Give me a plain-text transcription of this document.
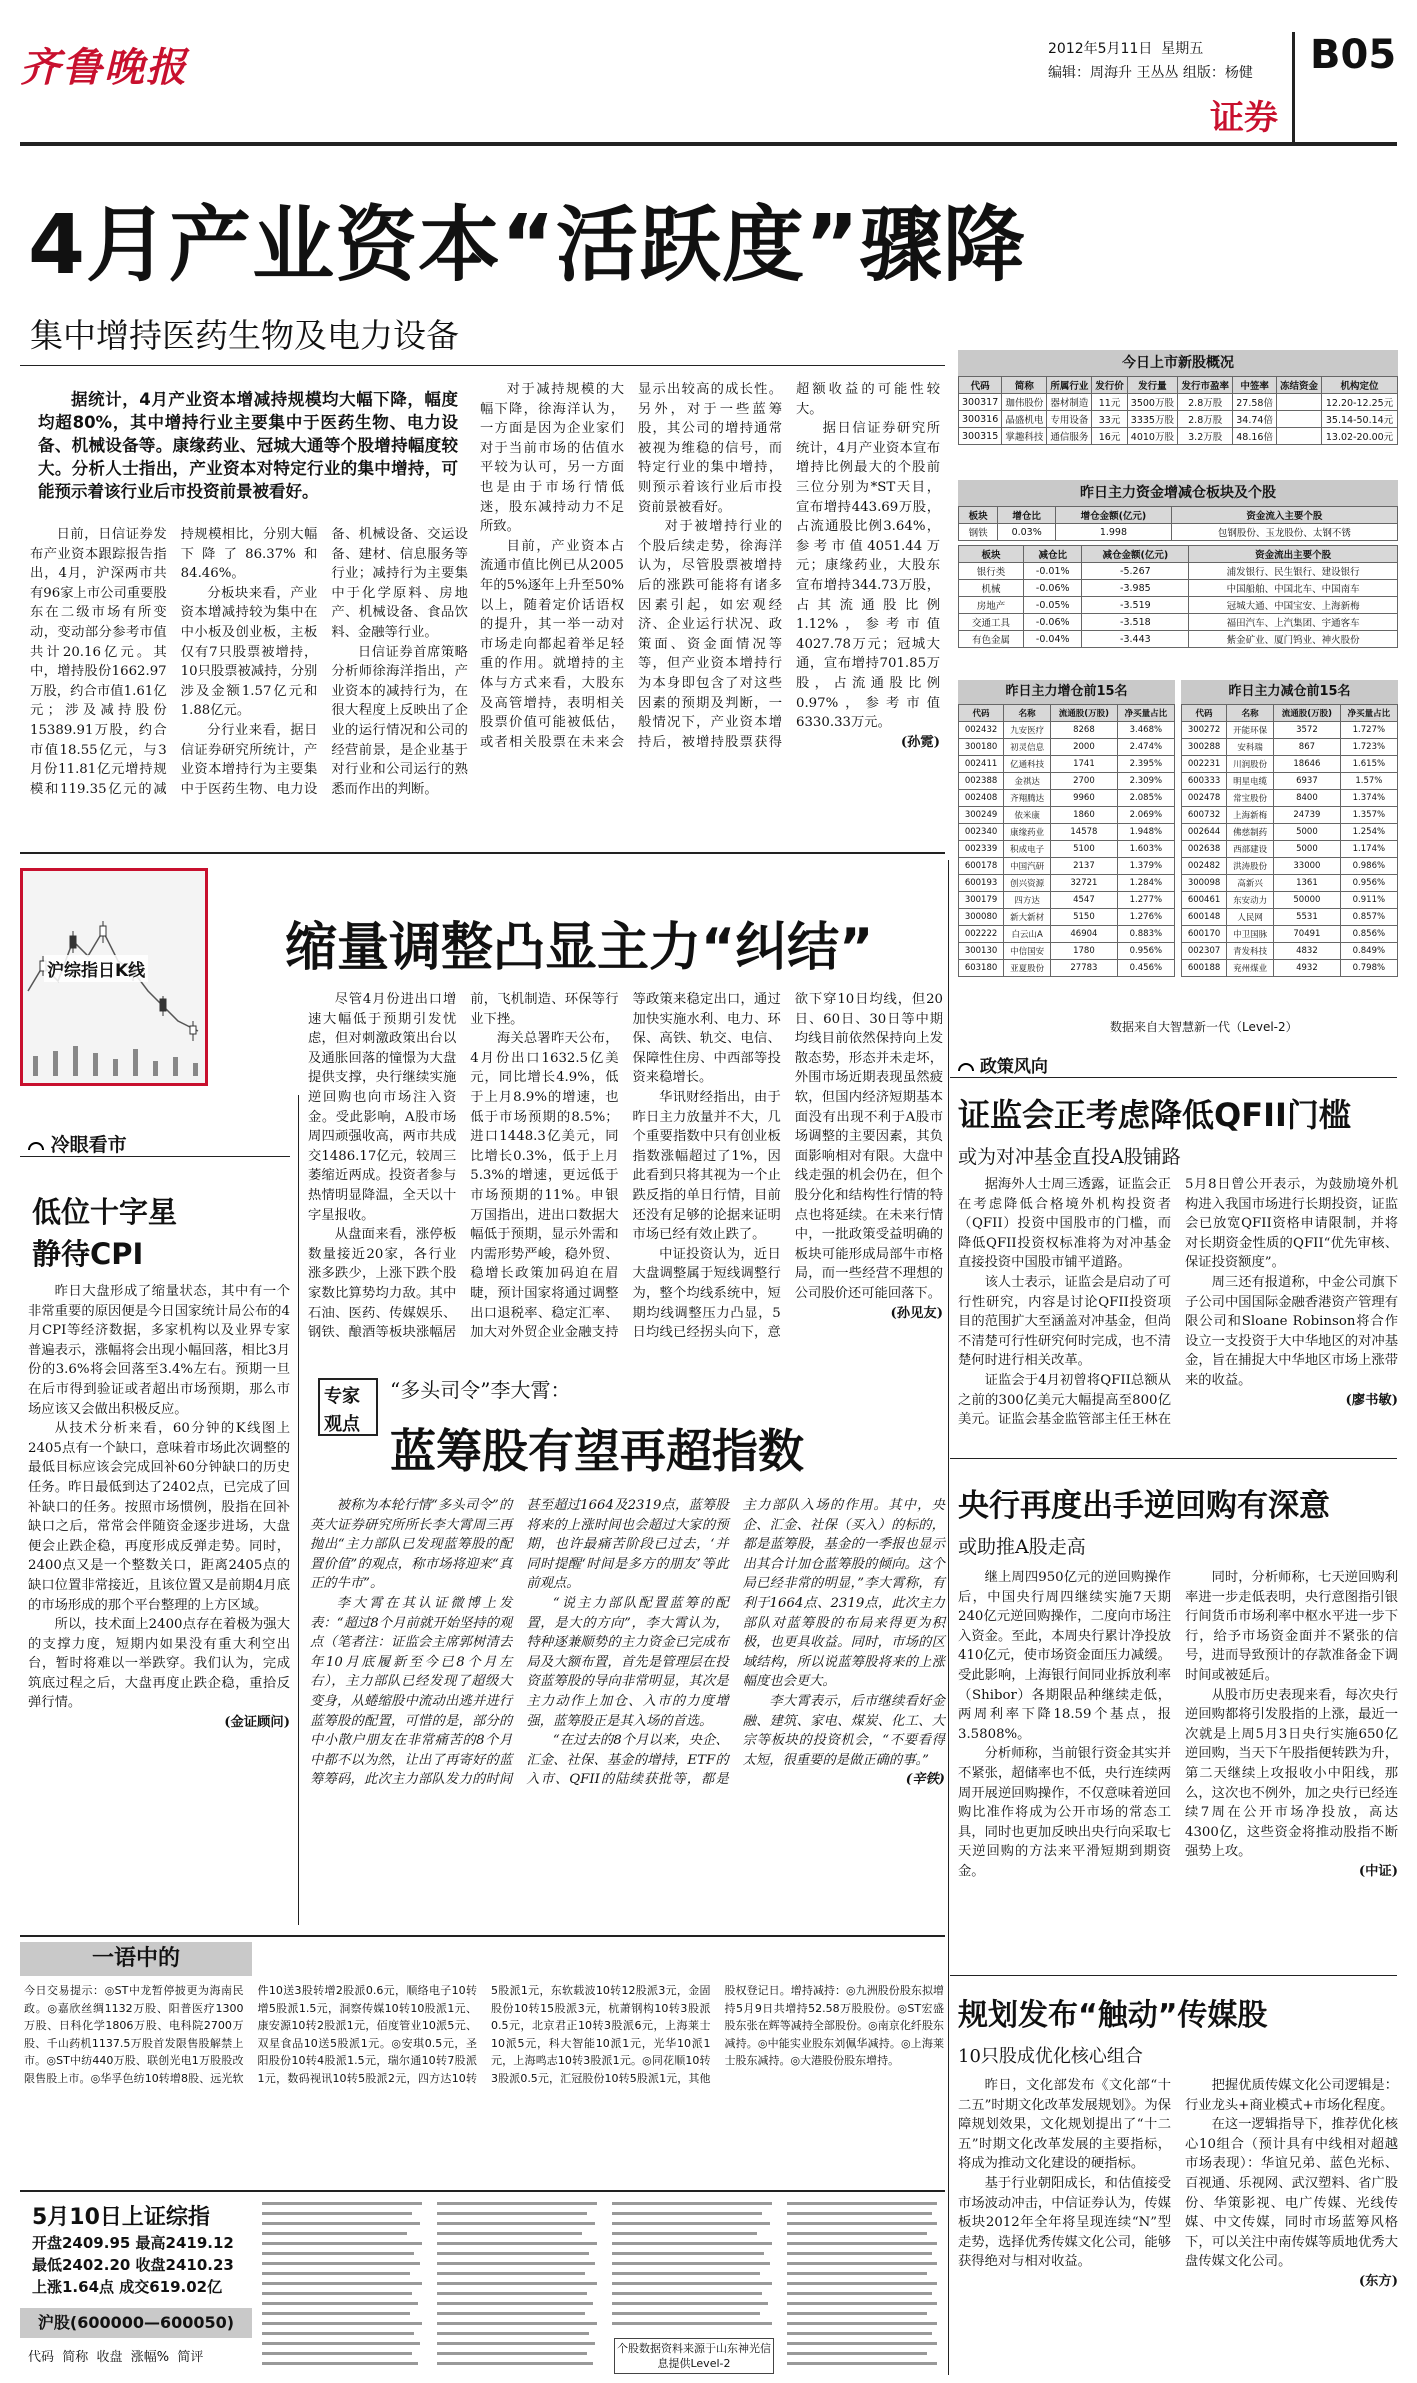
齐鲁晚报	2012年5月11日 星期五
编辑：周海升 王丛丛 组版：杨健 B05
证券
4月产业资本“活跃度”骤降
集中增持医药生物及电力设备
据统计，4月产业资本增减持规模均大幅下降，幅度均超80%，其中增持行业主要集中于医药生物、电力设备、机械设备等。康缘药业、冠城大通等个股增持幅度较大。分析人士指出，产业资本对特定行业的集中增持，可能预示着该行业后市投资前景被看好。

日前，日信证券发布产业资本跟踪报告指出，4月，沪深两市共有96家上市公司重要股东在二级市场有所变动，变动部分参考市值共计20.16亿元。其中，增持股份1662.97万股，约合市值1.61亿元；涉及减持股份15389.91万股，约合市值18.55亿元，与3月份11.81亿元增持规模和119.35亿元的减持规模相比，分别大幅下降了86.37%和84.46%。

分板块来看，产业资本增减持较为集中在中小板及创业板，主板仅有7只股票被增持，10只股票被减持，分别涉及金额1.57亿元和1.88亿元。

分行业来看，据日信证券研究所统计，产业资本增持行为主要集中于医药生物、电力设备、机械设备、交运设备、建材、信息服务等行业；减持行为主要集中于化学原料、房地产、机械设备、食品饮料、金融等行业。

日信证券首席策略分析师徐海洋指出，产业资本的减持行为，在很大程度上反映出了企业的运行情况和公司的经营前景，是企业基于对行业和公司运行的熟悉而作出的判断。

对于减持规模的大幅下降，徐海洋认为，一方面是因为企业家们对于当前市场的估值水平较为认可，另一方面也是由于市场行情低迷，股东减持动力不足所致。

目前，产业资本占流通市值比例已从2005年的5%逐年上升至50%以上，随着定价话语权的提升，其一举一动对市场走向都起着举足轻重的作用。就增持的主体与方式来看，大股东及高管增持，表明相关股票价值可能被低估，或者相关股票在未来会显示出较高的成长性。另外，对于一些蓝筹股，其公司的增持通常被视为维稳的信号，而特定行业的集中增持，则预示着该行业后市投资前景被看好。

对于被增持行业的个股后续走势，徐海洋认为，尽管股票被增持后的涨跌可能将有诸多因素引起，如宏观经济、企业运行状况、政策面、资金面情况等等，但产业资本增持行为本身即包含了对这些因素的预期及判断，一般情况下，产业资本增持后，被增持股票获得超额收益的可能性较大。

据日信证券研究所统计，4月产业资本宣布增持比例最大的个股前三位分别为*ST天目，宣布增持443.69万股，占流通股比例3.64%，参考市值4051.44万元；康缘药业，大股东宣布增持344.73万股，占其流通股比例1.12%，参考市值4027.78万元；冠城大通，宣布增持701.85万股，占流通股比例0.97%，参考市值6330.33万元。

(孙霓)

今日上市新股概况
代码	简称	所属行业	发行价	发行量	发行市盈率	中签率	冻结资金	机构定位
300317	珈伟股份	器材制造	11元	3500万股	2.8万股	27.58倍		12.20-12.25元
300316	晶盛机电	专用设备	33元	3335万股	2.8万股	34.74倍		35.14-50.14元
300315	掌趣科技	通信服务	16元	4010万股	3.2万股	48.16倍		13.02-20.00元
昨日主力资金增减仓板块及个股
板块	增仓比	增仓金额(亿元)	资金流入主要个股
钢铁	0.03%	1.998	包钢股份、玉龙股份、太钢不锈
板块	减仓比	减仓金额(亿元)	资金流出主要个股
银行类	-0.01%	-5.267	浦发银行、民生银行、建设银行
机械	-0.06%	-3.985	中国船舶、中国北车、中国南车
房地产	-0.05%	-3.519	冠城大通、中国宝安、上海新梅
交通工具	-0.06%	-3.518	福田汽车、上汽集团、宇通客车
有色金属	-0.04%	-3.443	紫金矿业、厦门钨业、神火股份
昨日主力增仓前15名
代码	名称	流通股(万股)	净买量占比
002432	九安医疗	8268	3.468%
300180	初灵信息	2000	2.474%
002411	亿通科技	1741	2.395%
002388	金祺达	2700	2.309%
002408	齐翔腾达	9960	2.085%
300249	依米康	1860	2.069%
002340	康缘药业	14578	1.948%
002339	积成电子	5100	1.603%
600178	中国汽研	2137	1.379%
600193	创兴资源	32721	1.284%
300179	四方达	4547	1.277%
300080	新大新材	5150	1.276%
002222	白云山A	46904	0.883%
300130	中信国安	1780	0.956%
603180	亚夏股份	27783	0.456%
昨日主力减仓前15名
代码	名称	流通股(万股)	净买量占比
300272	开能环保	3572	1.727%
300288	安科瑞	867	1.723%
002231	川润股份	18646	1.615%
600333	明星电缆	6937	1.57%
002478	常宝股份	8400	1.374%
600732	上海新梅	24739	1.357%
002644	佛慈制药	5000	1.254%
002638	西部建设	5000	1.174%
002482	洪涛股份	33000	0.986%
300098	高新兴	1361	0.956%
600461	东安动力	50000	0.911%
600148	人民网	5531	0.857%
600170	中卫国脉	70491	0.856%
002307	青发科技	4832	0.849%
600188	兖州煤业	4932	0.798%
数据来自大智慧新一代（Level-2）
沪综指日K线	缩量调整凸显主力“纠结”

尽管4月份进出口增速大幅低于预期引发忧虑，但对刺激政策出台以及通胀回落的憧憬为大盘提供支撑，央行继续实施逆回购也向市场注入资金。受此影响，A股市场周四顽强收高，两市共成交1486.17亿元，较周三萎缩近两成。投资者参与热情明显降温，全天以十字星报收。

从盘面来看，涨停板数量接近20家，各行业涨多跌少，上涨下跌个股家数比算势均力敌。其中石油、医药、传媒娱乐、钢铁、酿酒等板块涨幅居前，飞机制造、环保等行业下挫。

海关总署昨天公布，4月份出口1632.5亿美元，同比增长4.9%，低于上月8.9%的增速，也低于市场预期的8.5%；进口1448.3亿美元，同比增长0.3%，低于上月5.3%的增速，更远低于市场预期的11%。申银万国指出，进出口数据大幅低于预期，显示外需和内需形势严峻，稳外贸、稳增长政策加码迫在眉睫，预计国家将通过调整出口退税率、稳定汇率、加大对外贸企业金融支持等政策来稳定出口，通过加快实施水利、电力、环保、高铁、轨交、电信、保障性住房、中西部等投资来稳增长。

华讯财经指出，由于昨日主力放量并不大，几个重要指数中只有创业板指数涨幅超过了1%，因此看到只将其视为一个止跌反指的单日行情，目前还没有足够的论据来证明市场已经有效止跌了。

中证投资认为，近日大盘调整属于短线调整行为，整个均线系统中，短期均线调整压力凸显，5日均线已经拐头向下，意欲下穿10日均线，但20日、60日、30日等中期均线目前依然保持向上发散态势，形态并未走坏，外围市场近期表现虽然疲软，但国内经济短期基本面没有出现不利于A股市场调整的主要因素，其负面影响相对有限。大盘中线走强的机会仍在，但个股分化和结构性行情的特点也将延续。在未来行情中，一批政策受益明确的板块可能形成局部牛市格局，而一些经营不理想的公司股价还可能回落下。

(孙见友)

冷眼看市
低位十字星
静待CPI

昨日大盘形成了缩量状态，其中有一个非常重要的原因便是今日国家统计局公布的4月CPI等经济数据，多家机构以及业界专家普遍表示，涨幅将会出现小幅回落，相比3月份的3.6%将会回落至3.4%左右。预期一旦在后市得到验证或者超出市场预期，那么市场应该又会做出积极反应。

从技术分析来看，60分钟的K线图上2405点有一个缺口，意味着市场此次调整的最低目标应该会完成回补60分钟缺口的历史任务。昨日最低到达了2402点，已完成了回补缺口的任务。按照市场惯例，股指在回补缺口之后，常常会伴随资金逐步进场，大盘便会止跌企稳，再度形成反弹走势。同时，2400点又是一个整数关口，距离2405点的缺口位置非常接近，且该位置又是前期4月底的市场形成的那个平台整理的上方区域。

所以，技术面上2400点存在着极为强大的支撑力度，短期内如果没有重大利空出台，暂时将难以一举跌穿。我们认为，完成筑底过程之后，大盘再度止跌企稳，重拾反弹行情。

(金证顾问)

专家
观点
“多头司令”李大霄：
蓝筹股有望再超指数

被称为本轮行情“多头司令”的英大证券研究所所长李大霄周三再抛出“主力部队已发现蓝筹股的配置价值”的观点，称市场将迎来“真正的牛市”。

李大霄在其认证微博上发表：“超过8个月前就开始坚持的观点（笔者注：证监会主席郭树清去年10月底履新至今已8个月左右），主力部队已经发现了超级大变身，从蜷缩股中流动出逃并进行蓝筹股的配置，可惜的是，部分的中小散户朋友在非常痛苦的8个月中都不以为然，让出了再寄好的蓝筹筹码，此次主力部队发力的时间甚至超过1664及2319点，蓝筹股将来的上涨时间也会超过大家的预期，也许最痛苦阶段已过去，‘并同时提醒‘时间是多方的朋友’等此前观点。

“说主力部队配置蓝筹的配置，是大的方向”，李大霄认为，特种逐兼顺势的主力资金已完成布局及大额布置，首先是管理层在投资蓝筹股的导向非常明显，其次是主力动作上加仓、入市的力度增强，蓝筹股正是其入场的首选。

“在过去的8个月以来，央企、汇金、社保、基金的增持，ETF的入市、QFII的陆续获批等，都是主力部队入场的作用。其中，央企、汇金、社保（买入）的标的，都是蓝筹股，基金的一季报也显示出其合计加仓蓝筹股的倾向。这个局已经非常的明显，”李大霄称，有利于1664点、2319点，此次主力部队对蓝筹股的布局来得更为积极，也更具收益。同时，市场的区域结构，所以说蓝筹股将来的上涨幅度也会更大。

李大霄表示，后市继续看好金融、建筑、家电、煤炭、化工、大宗等板块的投资机会，“不要看得太短，很重要的是做正确的事。”

(辛铁)

政策风向
证监会正考虑降低QFII门槛
或为对冲基金直投A股铺路

据海外人士周三透露，证监会正在考虑降低合格境外机构投资者（QFII）投资中国股市的门槛，而降低QFII投资权标准将为对冲基金直接投资中国股市铺平道路。

该人士表示，证监会是启动了可行性研究，内容是讨论QFII投资项目的范围扩大至涵盖对冲基金，但尚不清楚可行性研究何时完成，也不清楚何时进行相关改革。

证监会于4月初曾将QFII总额从之前的300亿美元大幅提高至800亿美元。证监会基金监管部主任王林在5月8日曾公开表示，为鼓励境外机构进入我国市场进行长期投资，证监会已放宽QFII资格申请限制，并将对长期资金性质的QFII“优先审核、保证投资额度”。

周三还有报道称，中金公司旗下子公司中国国际金融香港资产管理有限公司和Sloane Robinson将合作设立一支投资于大中华地区的对冲基金，旨在捕捉大中华地区市场上涨带来的收益。

(廖书敏)

央行再度出手逆回购有深意
或助推A股走高

继上周四950亿元的逆回购操作后，中国央行周四继续实施7天期240亿元逆回购操作，二度向市场注入资金。至此，本周央行累计净投放410亿元，使市场资金面压力减缓。受此影响，上海银行间同业拆放利率（Shibor）各期限品种继续走低，两周利率下降18.59个基点，报3.5808%。

分析师称，当前银行资金其实并不紧张，超储率也不低，央行连续两周开展逆回购操作，不仅意味着逆回购比准作将成为公开市场的常态工具，同时也更加反映出央行向采取七天逆回购的方法来平滑短期到期资金。

同时，分析师称，七天逆回购利率进一步走低表明，央行意图指引银行间货币市场利率中枢水平进一步下行，给予市场资金面并不紧张的信号，进而导致预计的存款准备金下调时间或被延后。

从股市历史表现来看，每次央行逆回购都将引发股指的上涨，最近一次就是上周5月3日央行实施650亿逆回购，当天下午股指便转跌为升，第二天继续上攻报收小中阳线，那么，这次也不例外，加之央行已经连续7周在公开市场净投放，高达4300亿，这些资金将推动股指不断强势上攻。

(中证)

规划发布“触动”传媒股
10只股成优化核心组合

昨日，文化部发布《文化部“十二五”时期文化改革发展规划》。为保障规划效果，文化规划提出了“十二五”时期文化改革发展的主要指标，将成为推动文化建设的硬指标。

基于行业朝阳成长，和估值接受市场波动冲击，中信证券认为，传媒板块2012年全年将呈现连续“N”型走势，选择优秀传媒文化公司，能够获得绝对与相对收益。

把握优质传媒文化公司逻辑是：行业龙头+商业模式+市场化程度。

在这一逻辑指导下，推荐优化核心10组合（预计具有中线相对超越市场表现）：华谊兄弟、蓝色光标、百视通、乐视网、武汉塑料、省广股份、华策影视、电广传媒、光线传媒、中文传媒，同时市场蓝筹风格下，可以关注中南传媒等质地优秀大盘传媒文化公司。

(东方)

一语中的
今日交易提示：◎ST中龙暂停披更为海南民政。◎嘉欣丝绸1132万股、阳普医疗1300万股、日科化学1806万股、电科院2700万股、千山药机1137.5万股首发限售股解禁上市。◎ST中纺440万股、联创光电1万股股改限售股上市。◎华孚色纺10转增8股、远光软件10送3股转增2股派0.6元，顺络电子10转增5股派1.5元，洞察传媒10转10股派1元、康安源10转2股派1元，佰度管业10派5元、双星食品10送5股派1元。◎安琪0.5元，圣阳股份10转4股派1.5元，瑞尔通10转7股派1元，数码视讯10转5股派2元，四方达10转5股派1元，东软载波10转12股派3元，金固股份10转15股派3元，杭萧钢构10转3股派0.5元，北京君正10转3股派6元，上海莱士10派5元，科大智能10派1元，光华10派1元，上海鸣志10转3股派1元。◎同花顺10转3股派0.5元，汇冠股份10转5股派1元，其他股权登记日。增持减持：◎九洲股份股东拟增持5月9日共增持52.58万股股份。◎ST宏盛股东张在辉等减持全部股份。◎南京化纤股东减持。◎中能实业股东刘佩华减持。◎上海莱士股东减持。◎大港股份股东增持。
5月10日上证综指
开盘2409.95 最高2419.12
最低2402.20 收盘2410.23
上涨1.64点 成交619.02亿
沪股(600000—600050)
代码  简称  收盘  涨幅%  简评
个股数据资料来源于山东神光信息提供Level-2
